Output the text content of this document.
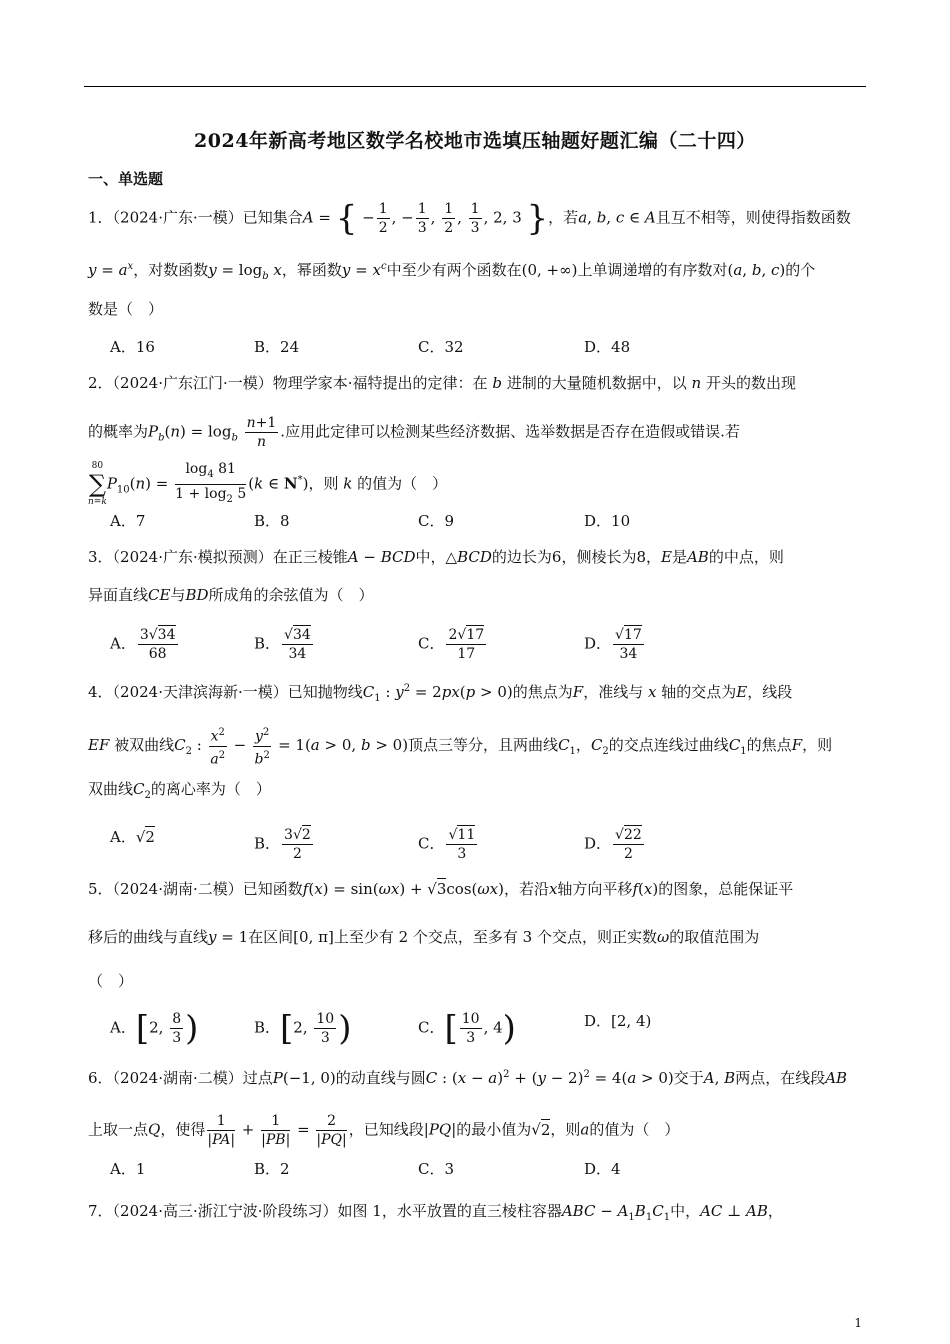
2024年新高考地区数学名校地市选填压轴题好题汇编（二十四）
一、单选题
1．（2024·广东·一模）已知集合A = { − $\frac{1}{2}$ , − $\frac{1}{3}$ , $\frac{1}{2}$ , $\frac{1}{3}$ , 2, 3 }，若a, b, c ∈ A且互不相等，则使得指数函数
$y = a^x$，对数函数$y = \log_b x$，幂函数$y = x^c$中至少有两个函数在(0, +∞)上单调递增的有序数对(a, b, c)的个
数是（　）
A．16	B．24	C．32	D．48
2．（2024·广东江门·一模）物理学家本·福特提出的定律：在 b 进制的大量随机数据中，以 n 开头的数出现
的概率为$P_b(n) = \log_b \frac{n+1}{n}$ .应用此定律可以检测某些经济数据、选举数据是否存在造假或错误.若
80
∑
n=k
$P_{10}(n) = \frac{\log_4 81}{1 + \log_2 5} (k$ ∈ N*)，则 k 的值为（　）
A．7	B．8	C．9	D．10
3．（2024·广东·模拟预测）在正三棱锥A − BCD中，△BCD的边长为6，侧棱长为8，E是AB的中点，则
异面直线CE与BD所成角的余弦值为（　）
A． $\frac{3√34}{68}$	B． $\frac{√34}{34}$	C． $\frac{2√17}{17}$	D． $\frac{√17}{34}$
4．（2024·天津滨海新·一模）已知抛物线$C_1$ : $y^2 = 2px(p > 0)$的焦点为F，准线与 x 轴的交点为E，线段
EF 被双曲线$C_2$ : $\frac{x^2}{a^2} - \frac{y^2}{b^2} = 1(a > 0$, b > 0)顶点三等分，且两曲线$C_1$，$C_2$的交点连线过曲线$C_1$的焦点F，则
双曲线$C_2$的离心率为（　）
A．√2	B． $\frac{3√2}{2}$	C． $\frac{√11}{3}$	D． $\frac{√22}{2}$
5．（2024·湖南·二模）已知函数f(x) = sin(ωx) + √3cos(ωx)，若沿x轴方向平移f(x)的图象，总能保证平
移后的曲线与直线y = 1在区间[0, π]上至少有 2 个交点，至多有 3 个交点，则正实数ω的取值范围为
（　）
A．[2, $\frac{8}{3}$ )	B．[2, $\frac{10}{3}$ )	C．[ $\frac{10}{3}$ , 4)	D．[2, 4)
6．（2024·湖南·二模）过点P(−1, 0)的动直线与圆C : $(x - a)^2 + (y - 2)^2 = 4(a > 0)$交于A, B两点，在线段AB
上取一点Q，使得 $\frac{1}{|PA|} + \frac{1}{|PB|} = \frac{2}{|PQ|}$ ，已知线段|PQ|的最小值为√2，则a的值为（　）
A．1	B．2	C．3	D．4
7．（2024·高三·浙江宁波·阶段练习）如图 1，水平放置的直三棱柱容器ABC − $A_1B_1C_1$中，AC ⊥ AB，
1
